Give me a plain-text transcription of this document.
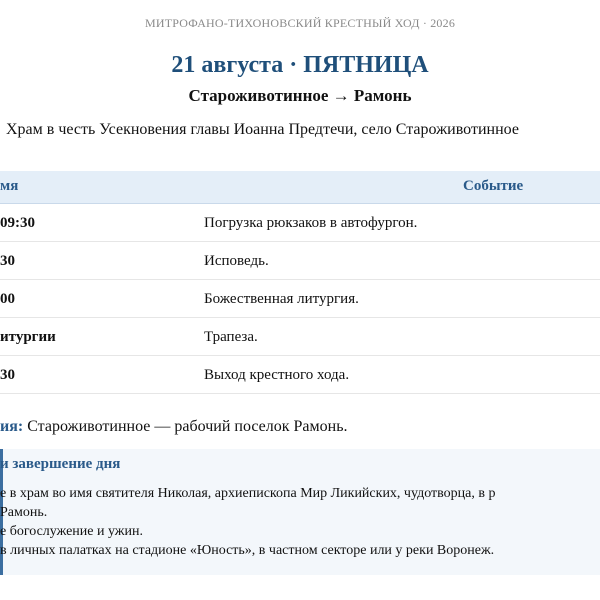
МИТРОФАНО-ТИХОНОВСКИЙ КРЕСТНЫЙ ХОД · 2026
21 августа · ПЯТНИЦА
Староживотинное → Рамонь
Храм в честь Усекновения главы Иоанна Предтечи, село Староживотинное
мя	Событие
09:30	Погрузка рюкзаков в автофургон.
30	Исповедь.
00	Божественная литургия.
итургии	Трапеза.
30	Выход крестного хода.
ия: Староживотинное — рабочий поселок Рамонь.
и завершение дня
е в храм во имя святителя Николая, архиепископа Мир Ликийских, чудотворца, в р
Рамонь.
е богослужение и ужин.
в личных палатках на стадионе «Юность», в частном секторе или у реки Воронеж.
